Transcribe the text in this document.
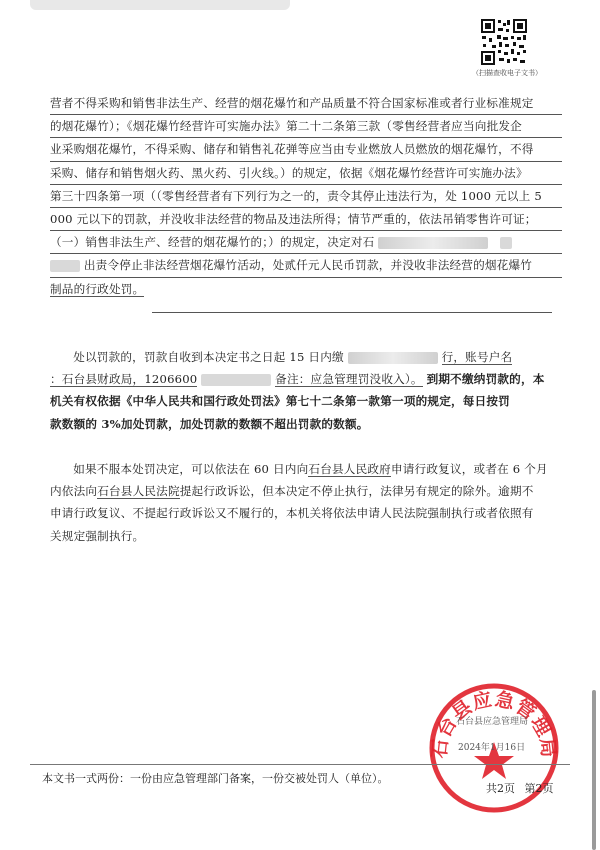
（扫描查收电子文书）
营者不得采购和销售非法生产、经营的烟花爆竹和产品质量不符合国家标准或者行业标准规定
的烟花爆竹）；《烟花爆竹经营许可实施办法》第二十二条第三款（零售经营者应当向批发企
业采购烟花爆竹，不得采购、储存和销售礼花弹等应当由专业燃放人员燃放的烟花爆竹，不得
采购、储存和销售烟火药、黑火药、引火线。）的规定，依据《烟花爆竹经营许可实施办法》
第三十四条第一项（（零售经营者有下列行为之一的，责令其停止违法行为，处 1000 元以上 5
000 元以下的罚款，并没收非法经营的物品及违法所得；情节严重的，依法吊销零售许可证；
（一）销售非法生产、经营的烟花爆竹的；）的规定，决定对石
出责令停止非法经营烟花爆竹活动，处贰仟元人民币罚款，并没收非法经营的烟花爆竹
制品的行政处罚。
处以罚款的，罚款自收到本决定书之日起 15 日内缴	行，账号户名
：石台县财政局，1206600	备注：应急管理罚没收入）。 到期不缴纳罚款的，本
机关有权依据《中华人民共和国行政处罚法》第七十二条第一款第一项的规定，每日按罚
款数额的 3%加处罚款，加处罚款的数额不超出罚款的数额。
如果不服本处罚决定，可以依法在 60 日内向石台县人民政府申请行政复议，或者在 6 个月
内依法向石台县人民法院提起行政诉讼，但本决定不停止执行，法律另有规定的除外。逾期不
申请行政复议、不提起行政诉讼又不履行的，本机关将依法申请人民法院强制执行或者依照有
关规定强制执行。
石台县应急管理局
石台县应急管理局
2024年1月16日
本文书一式两份：一份由应急管理部门备案，一份交被处罚人（单位）。
共2页 第2页
